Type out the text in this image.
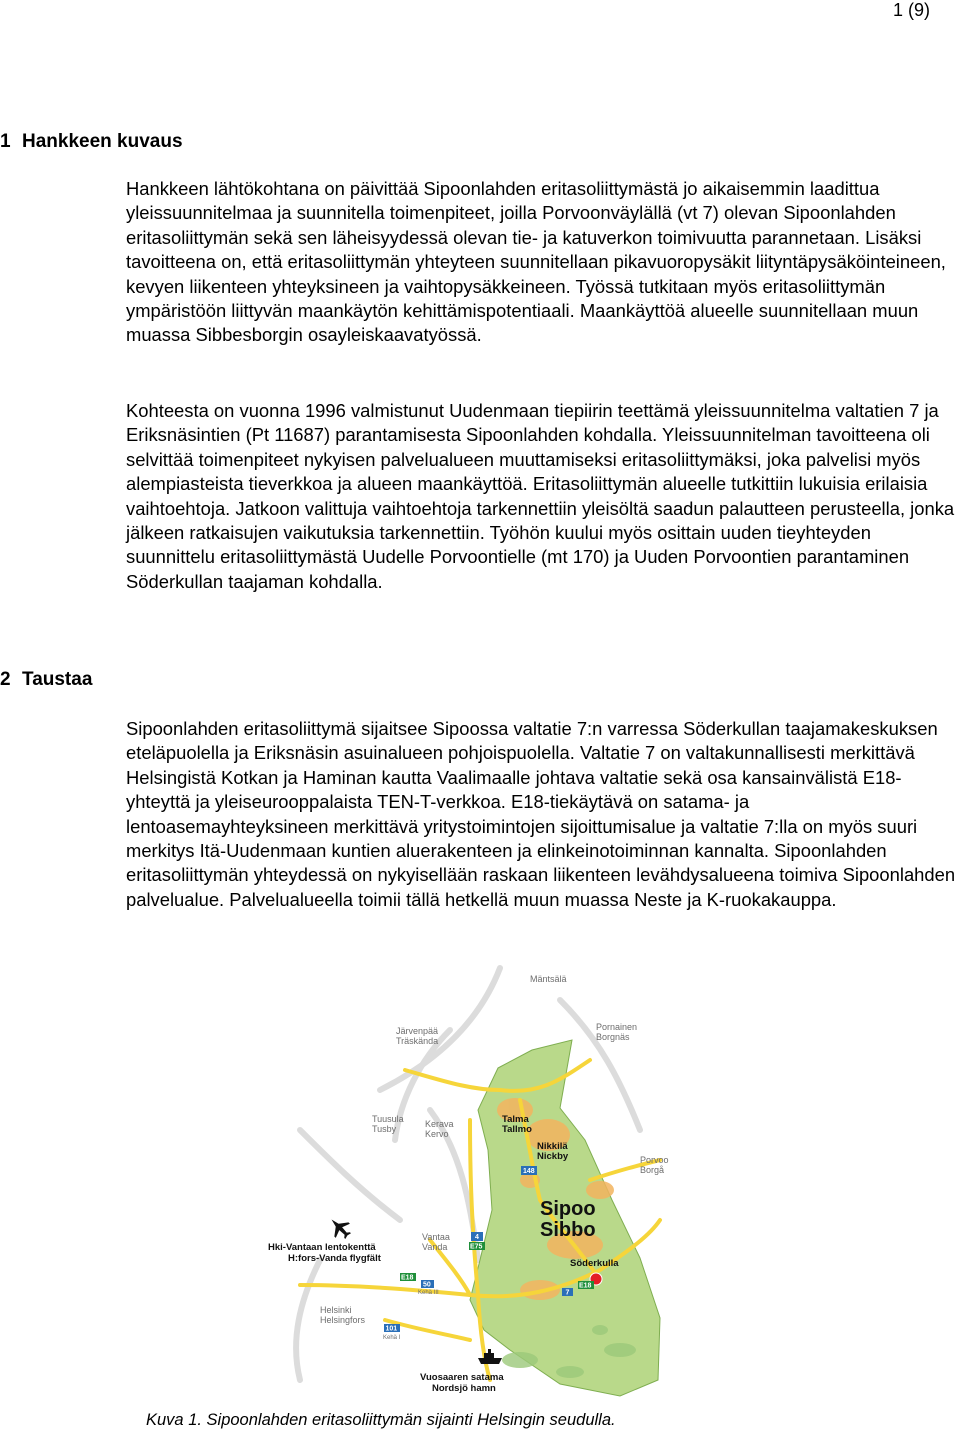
1 (9)
1 Hankkeen kuvaus

Hankkeen lähtökohtana on päivittää Sipoonlahden eritasoliittymästä jo aikaisemmin laadittua yleissuunnitelmaa ja suunnitella toimenpiteet, joilla Porvoonväylällä (vt 7) olevan Sipoonlahden eritasoliittymän sekä sen läheisyydessä olevan tie- ja katuverkon toimivuutta parannetaan. Lisäksi tavoitteena on, että eritasoliittymän yhteyteen suunnitellaan pikavuoropysäkit liityntäpysäköinteineen, kevyen liikenteen yhteyksineen ja vaihtopysäkkeineen. Työssä tutkitaan myös eritasoliittymän ympäristöön liittyvän maankäytön kehittämispotentiaali. Maankäyttöä alueelle suunnitellaan muun muassa Sibbesborgin osayleiskaavatyössä.

Kohteesta on vuonna 1996 valmistunut Uudenmaan tiepiirin teettämä yleissuunnitelma valtatien 7 ja Eriksnäsintien (Pt 11687) parantamisesta Sipoonlahden kohdalla. Yleissuunnitelman tavoitteena oli selvittää toimenpiteet nykyisen palvelualueen muuttamiseksi eritasoliittymäksi, joka palvelisi myös alempiasteista tieverkkoa ja alueen maankäyttöä. Eritasoliittymän alueelle tutkittiin lukuisia erilaisia vaihtoehtoja. Jatkoon valittuja vaihtoehtoja tarkennettiin yleisöltä saadun palautteen perusteella, jonka jälkeen ratkaisujen vaikutuksia tarkennettiin. Työhön kuului myös osittain uuden tieyhteyden suunnittelu eritasoliittymästä Uudelle Porvoontielle (mt 170) ja Uuden Porvoontien parantaminen Söderkullan taajaman kohdalla.

2 Taustaa

Sipoonlahden eritasoliittymä sijaitsee Sipoossa valtatie 7:n varressa Söderkullan taajamakeskuksen eteläpuolella ja Eriksnäsin asuinalueen pohjoispuolella. Valtatie 7 on valtakunnallisesti merkittävä Helsingistä Kotkan ja Haminan kautta Vaalimaalle johtava valtatie sekä osa kansainvälistä E18-yhteyttä ja yleiseurooppalaista TEN-T-verkkoa. E18-tiekäytävä on satama- ja lentoasemayhteyksineen merkittävä yritystoimintojen sijoittumisalue ja valtatie 7:lla on myös suuri merkitys Itä-Uudenmaan kuntien aluerakenteen ja elinkeinotoiminnan kannalta. Sipoonlahden eritasoliittymän yhteydessä on nykyisellään raskaan liikenteen levähdysalueena toimiva Sipoonlahden palvelualue. Palvelualueella toimii tällä hetkellä muun muassa Neste ja K-ruokakauppa.

148
4
E75
E18
50
Kehä III	7
E18
101
Kehä I
Mäntsälä
Järvenpää
Träskända
Pornainen
Borgnäs
Tuusula
Tusby	Kerava
Kervo
Talma
Tallmo
Nikkilä
Nickby	Porvoo
Borgå
Sipoo
Sibbo
Hki-Vantaan lentokenttä
H:fors-Vanda flygfält
Vantaa
Vanda
Söderkulla
Helsinki
Helsingfors
Vuosaaren satama
Nordsjö hamn
Kuva 1. Sipoonlahden eritasoliittymän sijainti Helsingin seudulla.
